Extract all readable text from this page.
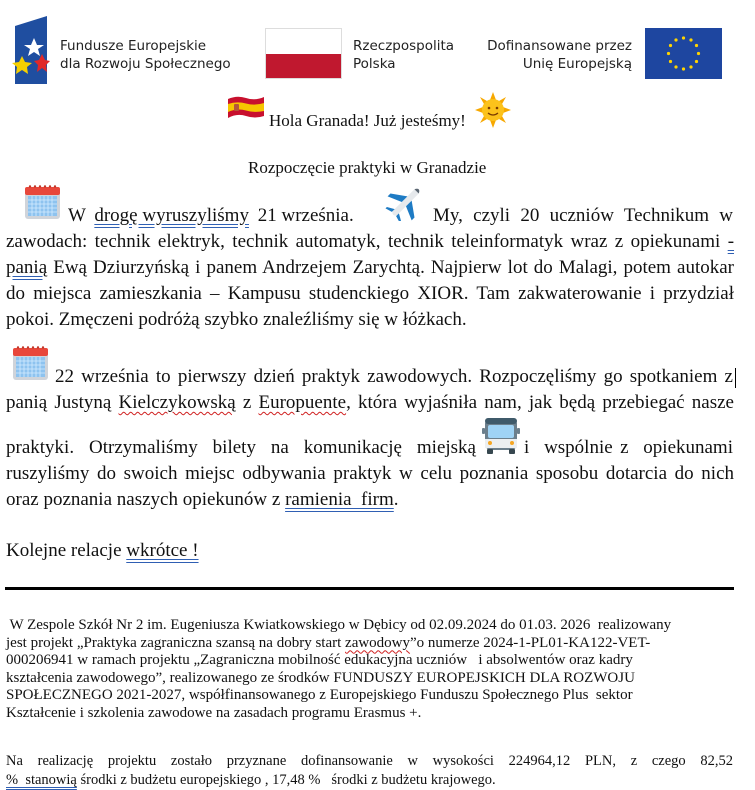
Fundusze Europejskie
dla Rozwoju Społecznego
Rzeczpospolita
Polska
Dofinansowane przez
Unię Europejską
Hola Granada! Już jesteśmy!
Rozpoczęcie praktyki w Granadzie
W drogę wyruszyliśmy 21 września.	My, czyli 20 uczniów Technikum w
zawodach: technik elektryk, technik automatyk, technik teleinformatyk wraz z opiekunami -
panią Ewą Dziurzyńską i panem Andrzejem Zarychtą. Najpierw lot do Malagi, potem autokar
do miejsca zamieszkania – Kampusu studenckiego XIOR. Tam zakwaterowanie i przydział
pokoi. Zmęczeni podróżą szybko znaleźliśmy się w łóżkach.
22 września to pierwszy dzień praktyk zawodowych. Rozpoczęliśmy go spotkaniem z
panią Justyną Kielczykowską z Europuente, która wyjaśniła nam, jak będą przebiegać nasze
praktyki. Otrzymaliśmy bilety na komunikację miejską	i  wspólnie z  opiekunami
ruszyliśmy do swoich miejsc odbywania praktyk w celu poznania sposobu dotarcia do nich
oraz poznania naszych opiekunów z ramienia  firm.
Kolejne relacje wkrótce !
W Zespole Szkół Nr 2 im. Eugeniusza Kwiatkowskiego w Dębicy od 02.09.2024 do 01.03. 2026  realizowany
jest projekt „Praktyka zagraniczna szansą na dobry start zawodowy”o numerze 2024-1-PL01-KA122-VET-
000206941 w ramach projektu „Zagraniczna mobilność edukacyjna uczniów   i absolwentów oraz kadry
kształcenia zawodowego”, realizowanego ze środków FUNDUSZY EUROPEJSKICH DLA ROZWOJU
SPOŁECZNEGO 2021-2027, współfinansowanego z Europejskiego Funduszu Społecznego Plus  sektor
Kształcenie i szkolenia zawodowe na zasadach programu Erasmus +.
Na realizację projektu zostało przyznane dofinansowanie w wysokości 224964,12 PLN, z czego 82,52
%  stanowią środki z budżetu europejskiego , 17,48 %   środki z budżetu krajowego.
